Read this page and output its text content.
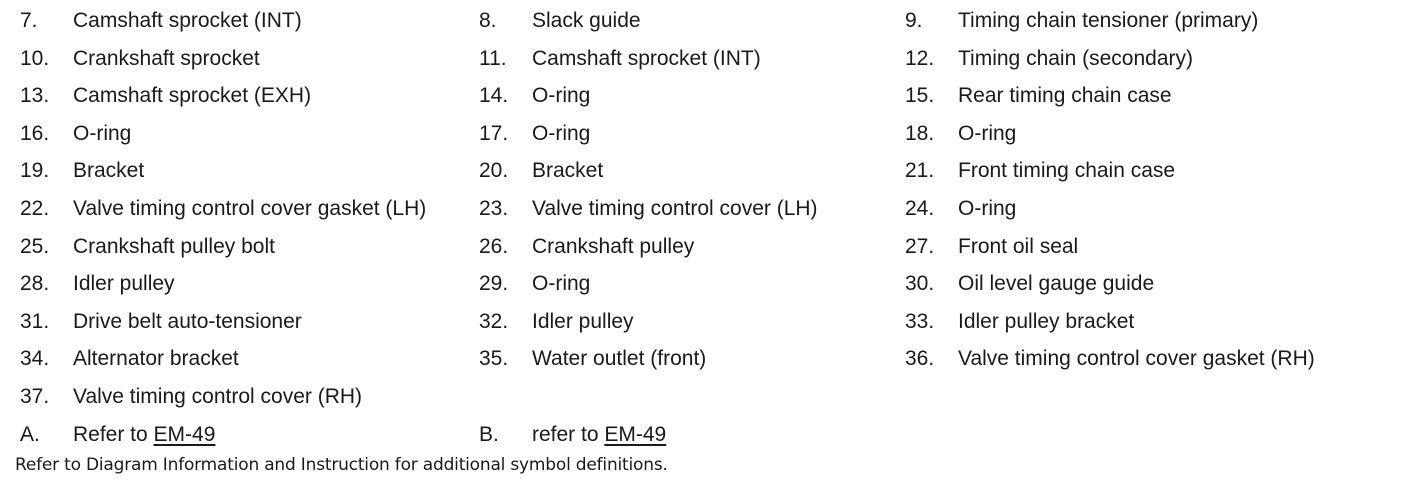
7. Camshaft sprocket (INT)	8. Slack guide	9. Timing chain tensioner (primary)
10. Crankshaft sprocket	11. Camshaft sprocket (INT)	12. Timing chain (secondary)
13. Camshaft sprocket (EXH)	14. O-ring	15. Rear timing chain case
16. O-ring	17. O-ring	18. O-ring
19. Bracket	20. Bracket	21. Front timing chain case
22. Valve timing control cover gasket (LH)	23. Valve timing control cover (LH)	24. O-ring
25. Crankshaft pulley bolt	26. Crankshaft pulley	27. Front oil seal
28. Idler pulley	29. O-ring	30. Oil level gauge guide
31. Drive belt auto-tensioner	32. Idler pulley	33. Idler pulley bracket
34. Alternator bracket	35. Water outlet (front)	36. Valve timing control cover gasket (RH)
37. Valve timing control cover (RH)
A. Refer to EM-49	B. refer to EM-49
Refer to Diagram Information and Instruction for additional symbol definitions.
